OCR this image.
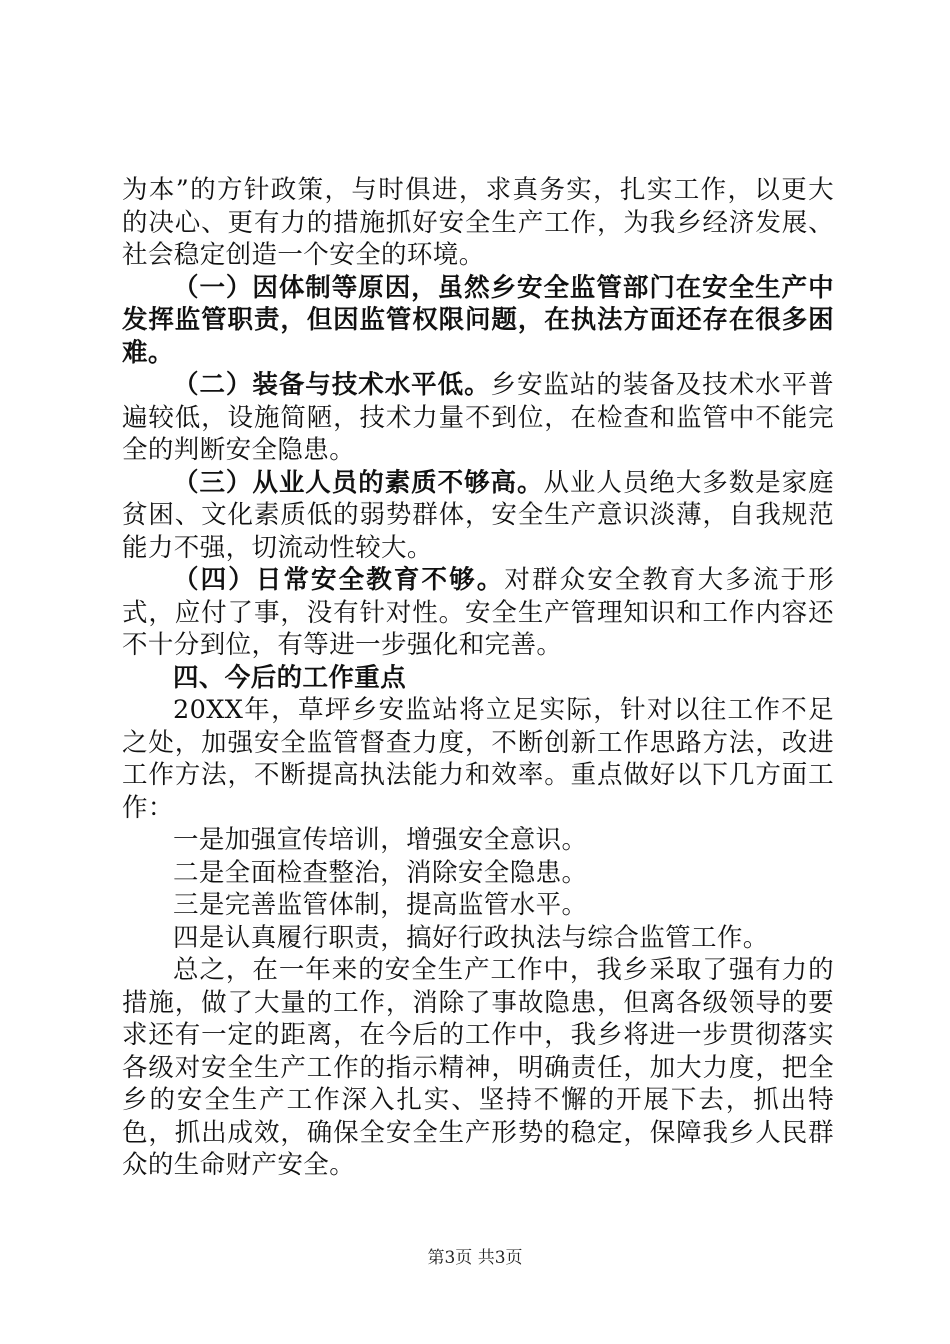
为本”的方针政策，与时俱进，求真务实，扎实工作，以更大的决心、更有力的措施抓好安全生产工作，为我乡经济发展、社会稳定创造一个安全的环境。

（一）因体制等原因，虽然乡安全监管部门在安全生产中发挥监管职责，但因监管权限问题，在执法方面还存在很多困难。

（二）装备与技术水平低。乡安监站的装备及技术水平普遍较低，设施简陋，技术力量不到位，在检查和监管中不能完全的判断安全隐患。

（三）从业人员的素质不够高。从业人员绝大多数是家庭贫困、文化素质低的弱势群体，安全生产意识淡薄，自我规范能力不强，切流动性较大。

（四）日常安全教育不够。对群众安全教育大多流于形式，应付了事，没有针对性。安全生产管理知识和工作内容还不十分到位，有等进一步强化和完善。

四、今后的工作重点

20XX年，草坪乡安监站将立足实际，针对以往工作不足之处，加强安全监管督查力度，不断创新工作思路方法，改进工作方法，不断提高执法能力和效率。重点做好以下几方面工作：

一是加强宣传培训，增强安全意识。

二是全面检查整治，消除安全隐患。

三是完善监管体制，提高监管水平。

四是认真履行职责，搞好行政执法与综合监管工作。

总之，在一年来的安全生产工作中，我乡采取了强有力的措施，做了大量的工作，消除了事故隐患，但离各级领导的要求还有一定的距离，在今后的工作中，我乡将进一步贯彻落实各级对安全生产工作的指示精神，明确责任，加大力度，把全乡的安全生产工作深入扎实、坚持不懈的开展下去，抓出特色，抓出成效，确保全安全生产形势的稳定，保障我乡人民群众的生命财产安全。

第3页 共3页
